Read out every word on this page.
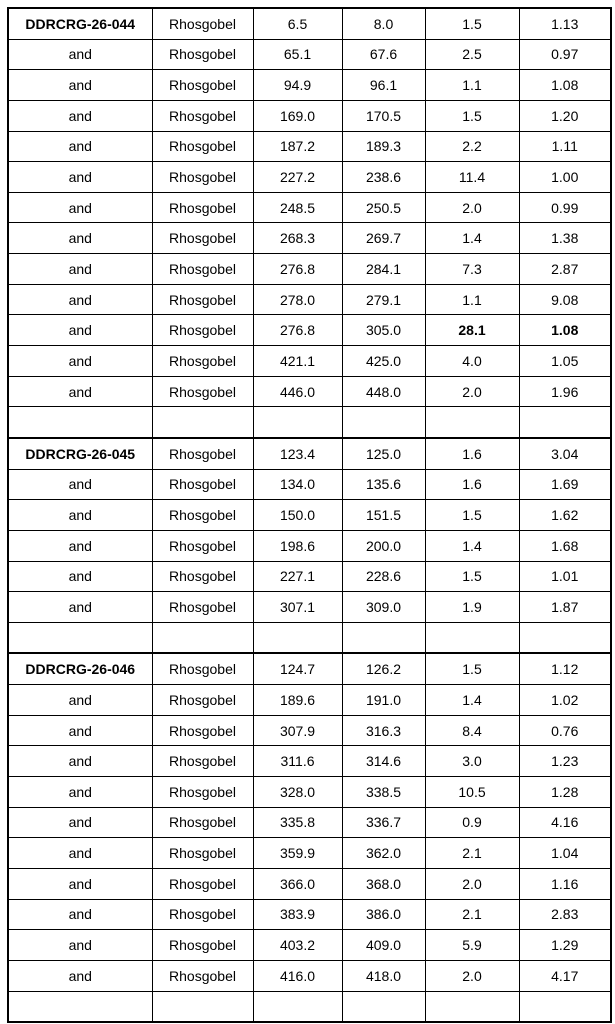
DDRCRG-26-044	Rhosgobel	6.5	8.0	1.5	1.13
and	Rhosgobel	65.1	67.6	2.5	0.97
and	Rhosgobel	94.9	96.1	1.1	1.08
and	Rhosgobel	169.0	170.5	1.5	1.20
and	Rhosgobel	187.2	189.3	2.2	1.11
and	Rhosgobel	227.2	238.6	11.4	1.00
and	Rhosgobel	248.5	250.5	2.0	0.99
and	Rhosgobel	268.3	269.7	1.4	1.38
and	Rhosgobel	276.8	284.1	7.3	2.87
and	Rhosgobel	278.0	279.1	1.1	9.08
and	Rhosgobel	276.8	305.0	28.1	1.08
and	Rhosgobel	421.1	425.0	4.0	1.05
and	Rhosgobel	446.0	448.0	2.0	1.96

DDRCRG-26-045	Rhosgobel	123.4	125.0	1.6	3.04
and	Rhosgobel	134.0	135.6	1.6	1.69
and	Rhosgobel	150.0	151.5	1.5	1.62
and	Rhosgobel	198.6	200.0	1.4	1.68
and	Rhosgobel	227.1	228.6	1.5	1.01
and	Rhosgobel	307.1	309.0	1.9	1.87

DDRCRG-26-046	Rhosgobel	124.7	126.2	1.5	1.12
and	Rhosgobel	189.6	191.0	1.4	1.02
and	Rhosgobel	307.9	316.3	8.4	0.76
and	Rhosgobel	311.6	314.6	3.0	1.23
and	Rhosgobel	328.0	338.5	10.5	1.28
and	Rhosgobel	335.8	336.7	0.9	4.16
and	Rhosgobel	359.9	362.0	2.1	1.04
and	Rhosgobel	366.0	368.0	2.0	1.16
and	Rhosgobel	383.9	386.0	2.1	2.83
and	Rhosgobel	403.2	409.0	5.9	1.29
and	Rhosgobel	416.0	418.0	2.0	4.17
